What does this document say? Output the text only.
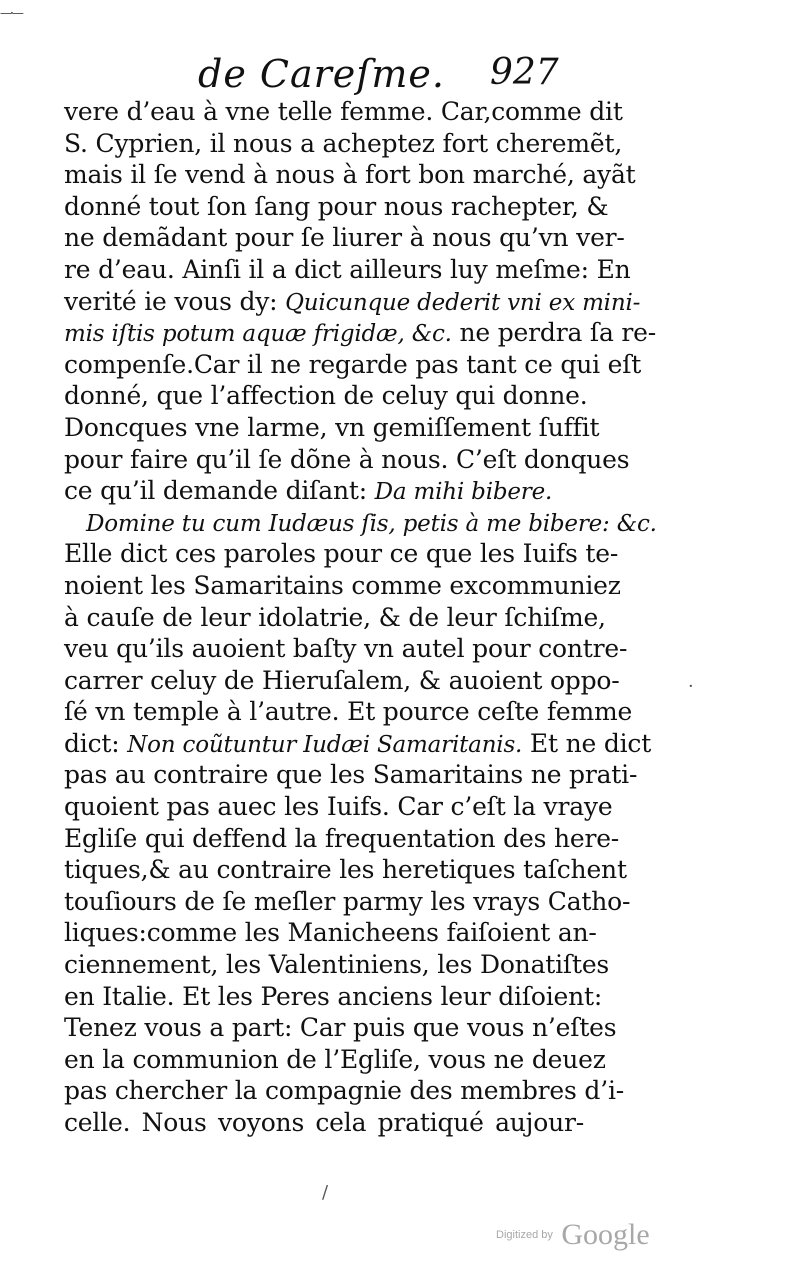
—·—
de Careſme. 927
vere d’eau à vne telle femme. Car,comme dit
S. Cyprien, il nous a acheptez fort cheremẽt,
mais il ſe vend à nous à fort bon marché, ayãt
donné tout ſon ſang pour nous rachepter, &
ne demãdant pour ſe liurer à nous qu’vn ver-
re d’eau. Ainſi il a dict ailleurs luy meſme: En
verité ie vous dy: Quicunque dederit vni ex mini-
mis iſtis potum aquæ frigidæ, &c. ne perdra ſa re-
compenſe.Car il ne regarde pas tant ce qui eſt
donné, que l’affection de celuy qui donne.
Doncques vne larme, vn gemiſſement ſuffit
pour faire qu’il ſe dõne à nous. C’eſt donques
ce qu’il demande diſant: Da mihi bibere.
Domine tu cum Iudæus ſis, petis à me bibere: &c.
Elle dict ces paroles pour ce que les Iuifs te-
noient les Samaritains comme excommuniez
à cauſe de leur idolatrie, & de leur ſchiſme,
veu qu’ils auoient baſty vn autel pour contre-
carrer celuy de Hieruſalem, & auoient oppo-
ſé vn temple à l’autre. Et pource ceſte femme
dict: Non coũtuntur Iudæi Samaritanis. Et ne dict
pas au contraire que les Samaritains ne prati-
quoient pas auec les Iuifs. Car c’eſt la vraye
Egliſe qui deffend la frequentation des here-
tiques,& au contraire les heretiques taſchent
touſiours de ſe meſler parmy les vrays Catho-
liques:comme les Manicheens faiſoient an-
ciennement, les Valentiniens, les Donatiſtes
en Italie. Et les Peres anciens leur diſoient:
Tenez vous a part: Car puis que vous n’eſtes
en la communion de l’Egliſe, vous ne deuez
pas chercher la compagnie des membres d’i-
celle. Nous voyons cela pratiqué aujour-
·
/
Digitized by Google
